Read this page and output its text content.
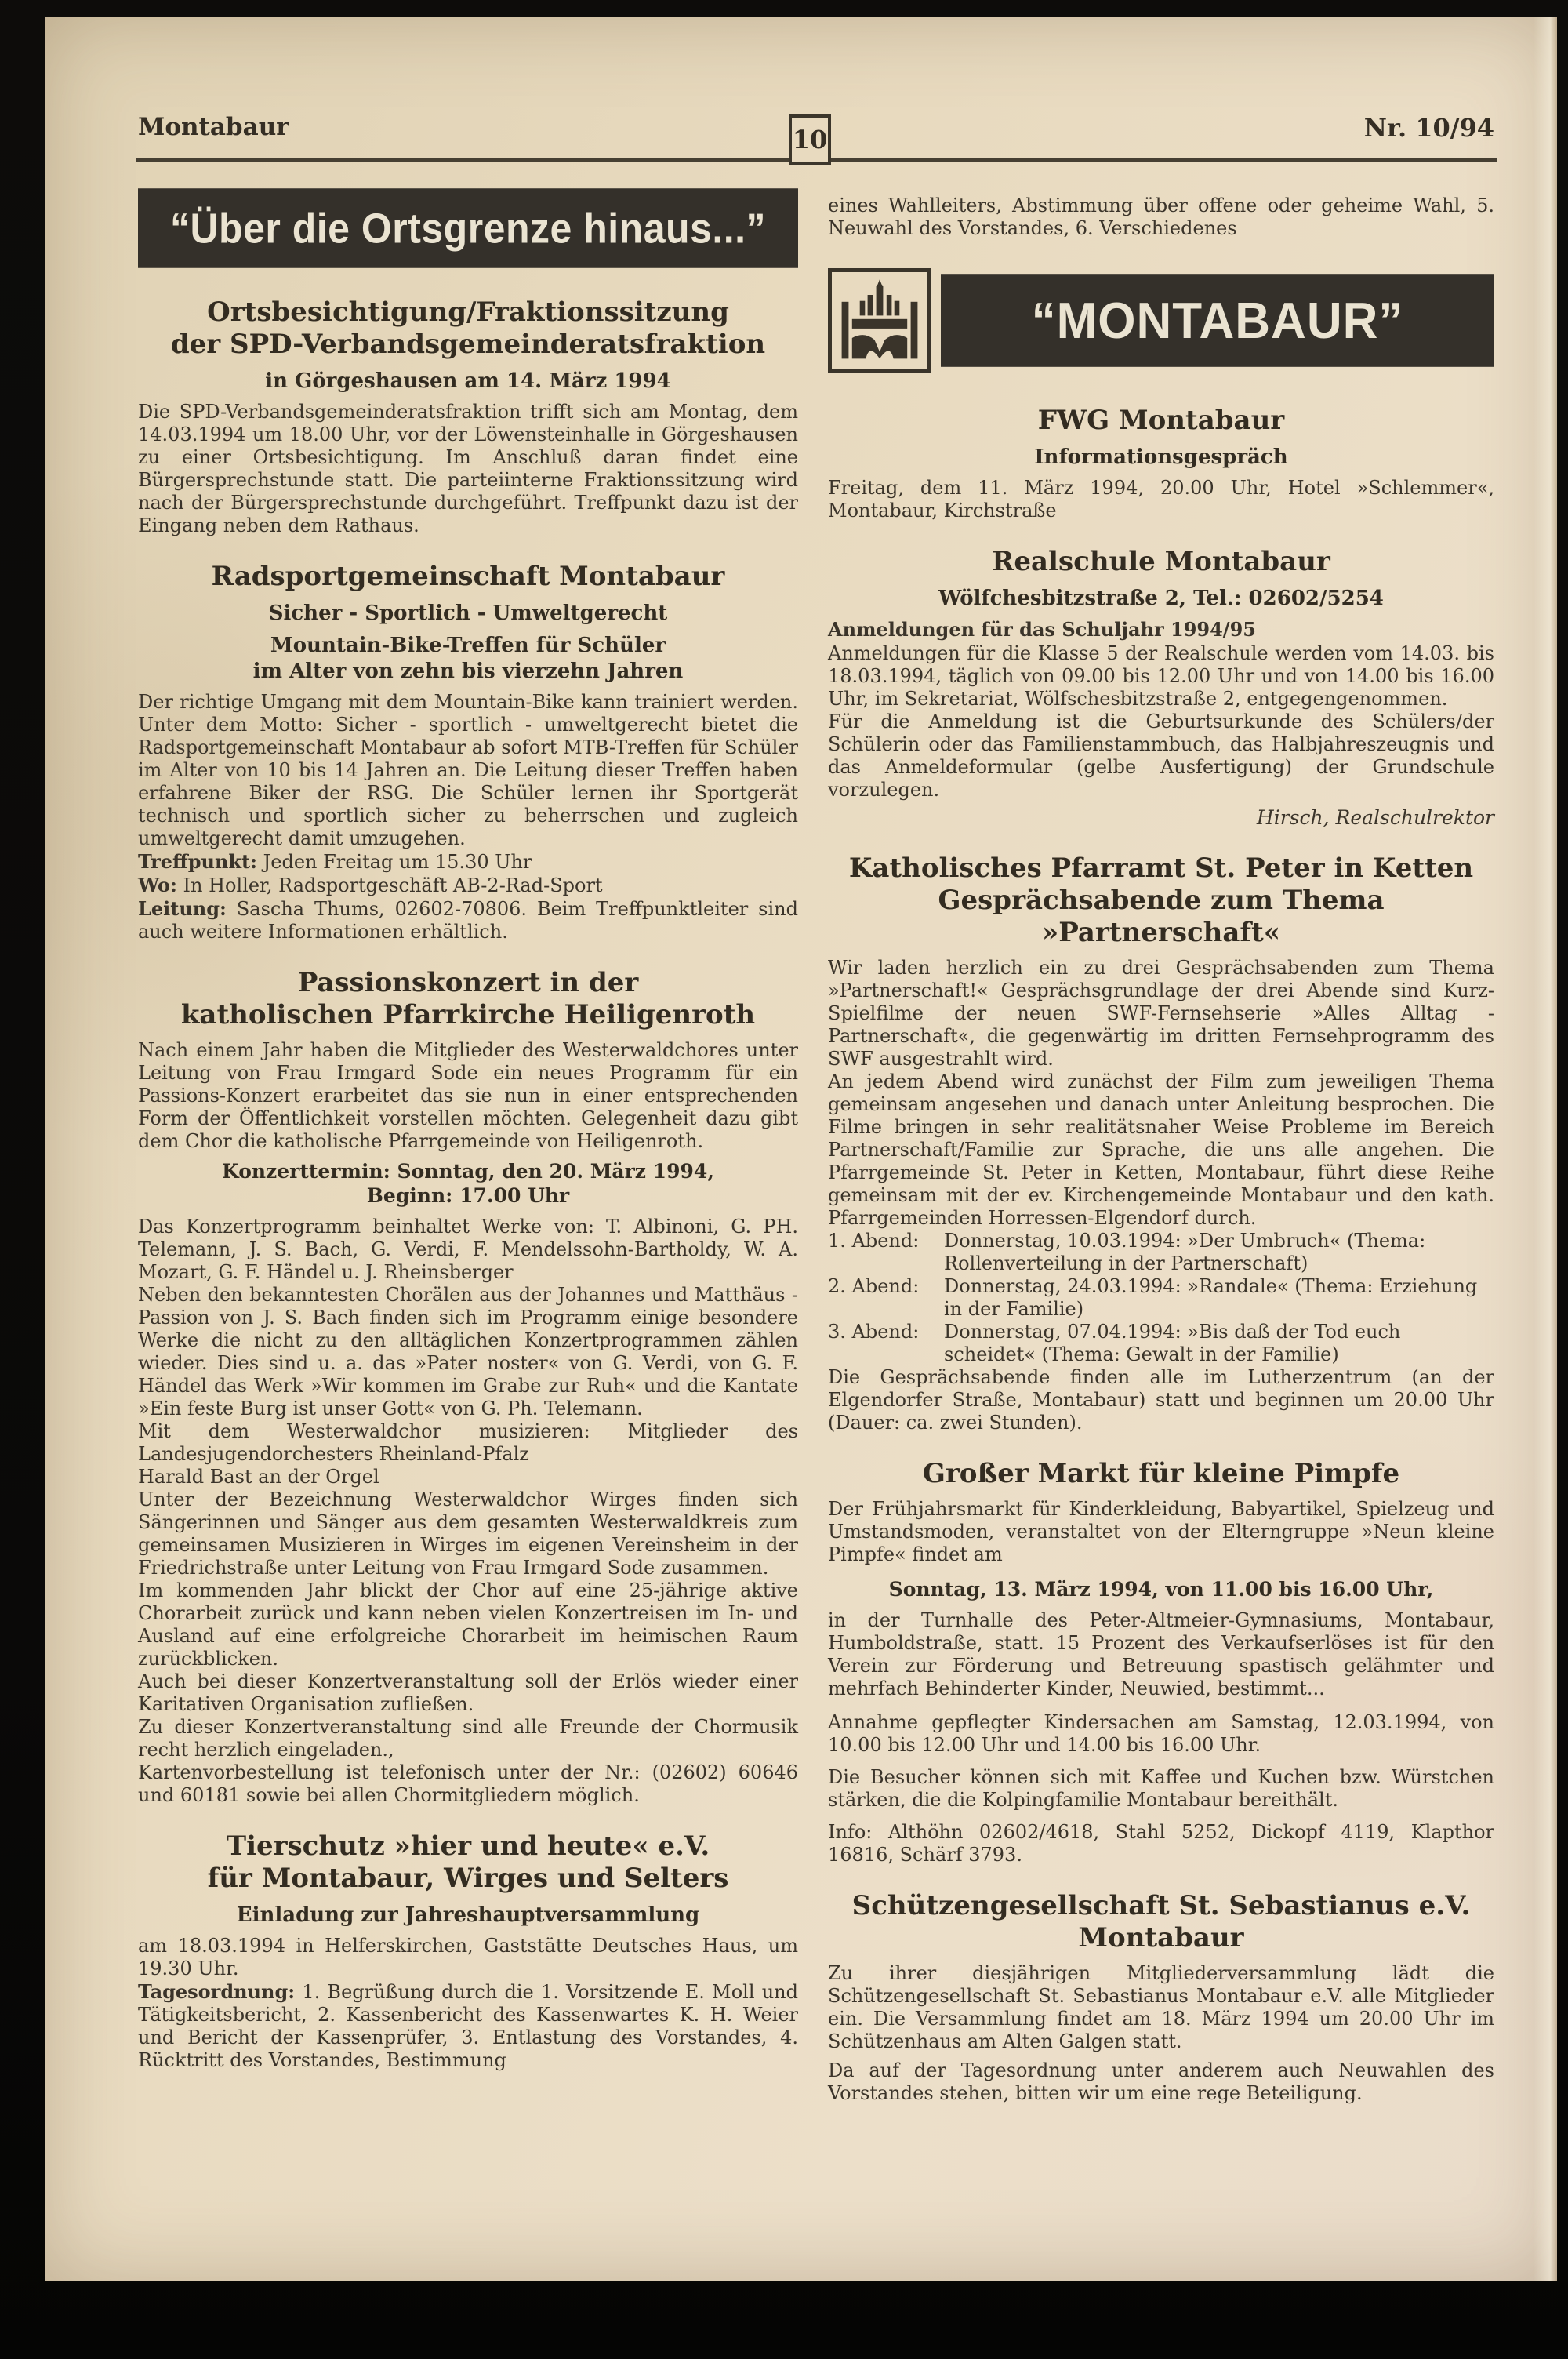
Montabaur	10	Nr. 10/94
“Über die Ortsgrenze hinaus...”
Ortsbesichtigung/Fraktionssitzung
der SPD-Verbandsgemeinderatsfraktion

in Görgeshausen am 14. März 1994

Die SPD-Verbandsgemeinderatsfraktion trifft sich am Montag, dem 14.03.1994 um 18.00 Uhr, vor der Löwensteinhalle in Görgeshausen zu einer Ortsbesichtigung. Im Anschluß daran findet eine Bürgersprechstunde statt. Die parteiinterne Fraktionssitzung wird nach der Bürgersprechstunde durchgeführt. Treffpunkt dazu ist der Eingang neben dem Rathaus.

Radsportgemeinschaft Montabaur

Sicher - Sportlich - Umweltgerecht

Mountain-Bike-Treffen für Schüler
im Alter von zehn bis vierzehn Jahren

Der richtige Umgang mit dem Mountain-Bike kann trainiert werden. Unter dem Motto: Sicher - sportlich - umweltgerecht bietet die Radsportgemeinschaft Montabaur ab sofort MTB-Treffen für Schüler im Alter von 10 bis 14 Jahren an. Die Leitung dieser Treffen haben erfahrene Biker der RSG. Die Schüler lernen ihr Sportgerät technisch und sportlich sicher zu beherrschen und zugleich umweltgerecht damit umzugehen.

Treffpunkt: Jeden Freitag um 15.30 Uhr

Wo: In Holler, Radsportgeschäft AB-2-Rad-Sport

Leitung: Sascha Thums, 02602-70806. Beim Treffpunktleiter sind auch weitere Informationen erhältlich.

Passionskonzert in der
katholischen Pfarrkirche Heiligenroth

Nach einem Jahr haben die Mitglieder des Westerwaldchores unter Leitung von Frau Irmgard Sode ein neues Programm für ein Passions-Konzert erarbeitet das sie nun in einer entsprechenden Form der Öffentlichkeit vorstellen möchten. Gelegenheit dazu gibt dem Chor die katholische Pfarrgemeinde von Heiligenroth.

Konzerttermin: Sonntag, den 20. März 1994,
Beginn: 17.00 Uhr

Das Konzertprogramm beinhaltet Werke von: T. Albinoni, G. PH. Telemann, J. S. Bach, G. Verdi, F. Mendelssohn-Bartholdy, W. A. Mozart, G. F. Händel u. J. Rheinsberger

Neben den bekanntesten Chorälen aus der Johannes und Matthäus - Passion von J. S. Bach finden sich im Programm einige besondere Werke die nicht zu den alltäglichen Konzertprogrammen zählen wieder. Dies sind u. a. das »Pater noster« von G. Verdi, von G. F. Händel das Werk »Wir kommen im Grabe zur Ruh« und die Kantate »Ein feste Burg ist unser Gott« von G. Ph. Telemann.

Mit dem Westerwaldchor musizieren: Mitglieder des Landesjugendorchesters Rheinland-Pfalz

Harald Bast an der Orgel

Unter der Bezeichnung Westerwaldchor Wirges finden sich Sängerinnen und Sänger aus dem gesamten Westerwaldkreis zum gemeinsamen Musizieren in Wirges im eigenen Vereinsheim in der Friedrichstraße unter Leitung von Frau Irmgard Sode zusammen.

Im kommenden Jahr blickt der Chor auf eine 25-jährige aktive Chorarbeit zurück und kann neben vielen Konzertreisen im In- und Ausland auf eine erfolgreiche Chorarbeit im heimischen Raum zurückblicken.

Auch bei dieser Konzertveranstaltung soll der Erlös wieder einer Karitativen Organisation zufließen.

Zu dieser Konzertveranstaltung sind alle Freunde der Chormusik recht herzlich eingeladen.,

Kartenvorbestellung ist telefonisch unter der Nr.: (02602) 60646 und 60181 sowie bei allen Chormitgliedern möglich.

Tierschutz »hier und heute« e.V.
für Montabaur, Wirges und Selters

Einladung zur Jahreshauptversammlung

am 18.03.1994 in Helferskirchen, Gaststätte Deutsches Haus, um 19.30 Uhr.

Tagesordnung: 1. Begrüßung durch die 1. Vorsitzende E. Moll und Tätigkeitsbericht, 2. Kassenbericht des Kassenwartes K. H. Weier und Bericht der Kassenprüfer, 3. Entlastung des Vorstandes, 4. Rücktritt des Vorstandes, Bestimmung

eines Wahlleiters, Abstimmung über offene oder geheime Wahl, 5. Neuwahl des Vorstandes, 6. Verschiedenes

“MONTABAUR”
FWG Montabaur

Informationsgespräch

Freitag, dem 11. März 1994, 20.00 Uhr, Hotel »Schlemmer«, Montabaur, Kirchstraße

Realschule Montabaur

Wölfchesbitzstraße 2, Tel.: 02602/5254

Anmeldungen für das Schuljahr 1994/95

Anmeldungen für die Klasse 5 der Realschule werden vom 14.03. bis 18.03.1994, täglich von 09.00 bis 12.00 Uhr und von 14.00 bis 16.00 Uhr, im Sekretariat, Wölfschesbitzstraße 2, entgegengenommen.

Für die Anmeldung ist die Geburtsurkunde des Schülers/der Schülerin oder das Familienstammbuch, das Halbjahreszeugnis und das Anmeldeformular (gelbe Ausfertigung) der Grundschule vorzulegen.

Hirsch, Realschulrektor

Katholisches Pfarramt St. Peter in Ketten
Gesprächsabende zum Thema »Partnerschaft«

Wir laden herzlich ein zu drei Gesprächsabenden zum Thema »Partnerschaft!« Gesprächsgrundlage der drei Abende sind Kurz-Spielfilme der neuen SWF-Fernsehserie »Alles Alltag - Partnerschaft«, die gegenwärtig im dritten Fernsehprogramm des SWF ausgestrahlt wird.

An jedem Abend wird zunächst der Film zum jeweiligen Thema gemeinsam angesehen und danach unter Anleitung besprochen. Die Filme bringen in sehr realitätsnaher Weise Probleme im Bereich Partnerschaft/Familie zur Sprache, die uns alle angehen. Die Pfarrgemeinde St. Peter in Ketten, Montabaur, führt diese Reihe gemeinsam mit der ev. Kirchengemeinde Montabaur und den kath. Pfarrgemeinden Horressen-Elgendorf durch.

1. Abend:	Donnerstag, 10.03.1994: »Der Umbruch« (Thema: Rollenverteilung in der Partnerschaft)
2. Abend:	Donnerstag, 24.03.1994: »Randale« (Thema: Erziehung in der Familie)
3. Abend:	Donnerstag, 07.04.1994: »Bis daß der Tod euch scheidet« (Thema: Gewalt in der Familie)

Die Gesprächsabende finden alle im Lutherzentrum (an der Elgendorfer Straße, Montabaur) statt und beginnen um 20.00 Uhr (Dauer: ca. zwei Stunden).

Großer Markt für kleine Pimpfe

Der Frühjahrsmarkt für Kinderkleidung, Babyartikel, Spielzeug und Umstandsmoden, veranstaltet von der Elterngruppe »Neun kleine Pimpfe« findet am

Sonntag, 13. März 1994, von 11.00 bis 16.00 Uhr,

in der Turnhalle des Peter-Altmeier-Gymnasiums, Montabaur, Humboldstraße, statt. 15 Prozent des Verkaufserlöses ist für den Verein zur Förderung und Betreuung spastisch gelähmter und mehrfach Behinderter Kinder, Neuwied, bestimmt...

Annahme gepflegter Kindersachen am Samstag, 12.03.1994, von 10.00 bis 12.00 Uhr und 14.00 bis 16.00 Uhr.

Die Besucher können sich mit Kaffee und Kuchen bzw. Würstchen stärken, die die Kolpingfamilie Montabaur bereithält.

Info: Althöhn 02602/4618, Stahl 5252, Dickopf 4119, Klapthor 16816, Schärf 3793.

Schützengesellschaft St. Sebastianus e.V.
Montabaur

Zu ihrer diesjährigen Mitgliederversammlung lädt die Schützengesellschaft St. Sebastianus Montabaur e.V. alle Mitglieder ein. Die Versammlung findet am 18. März 1994 um 20.00 Uhr im Schützenhaus am Alten Galgen statt.

Da auf der Tagesordnung unter anderem auch Neuwahlen des Vorstandes stehen, bitten wir um eine rege Beteiligung.
